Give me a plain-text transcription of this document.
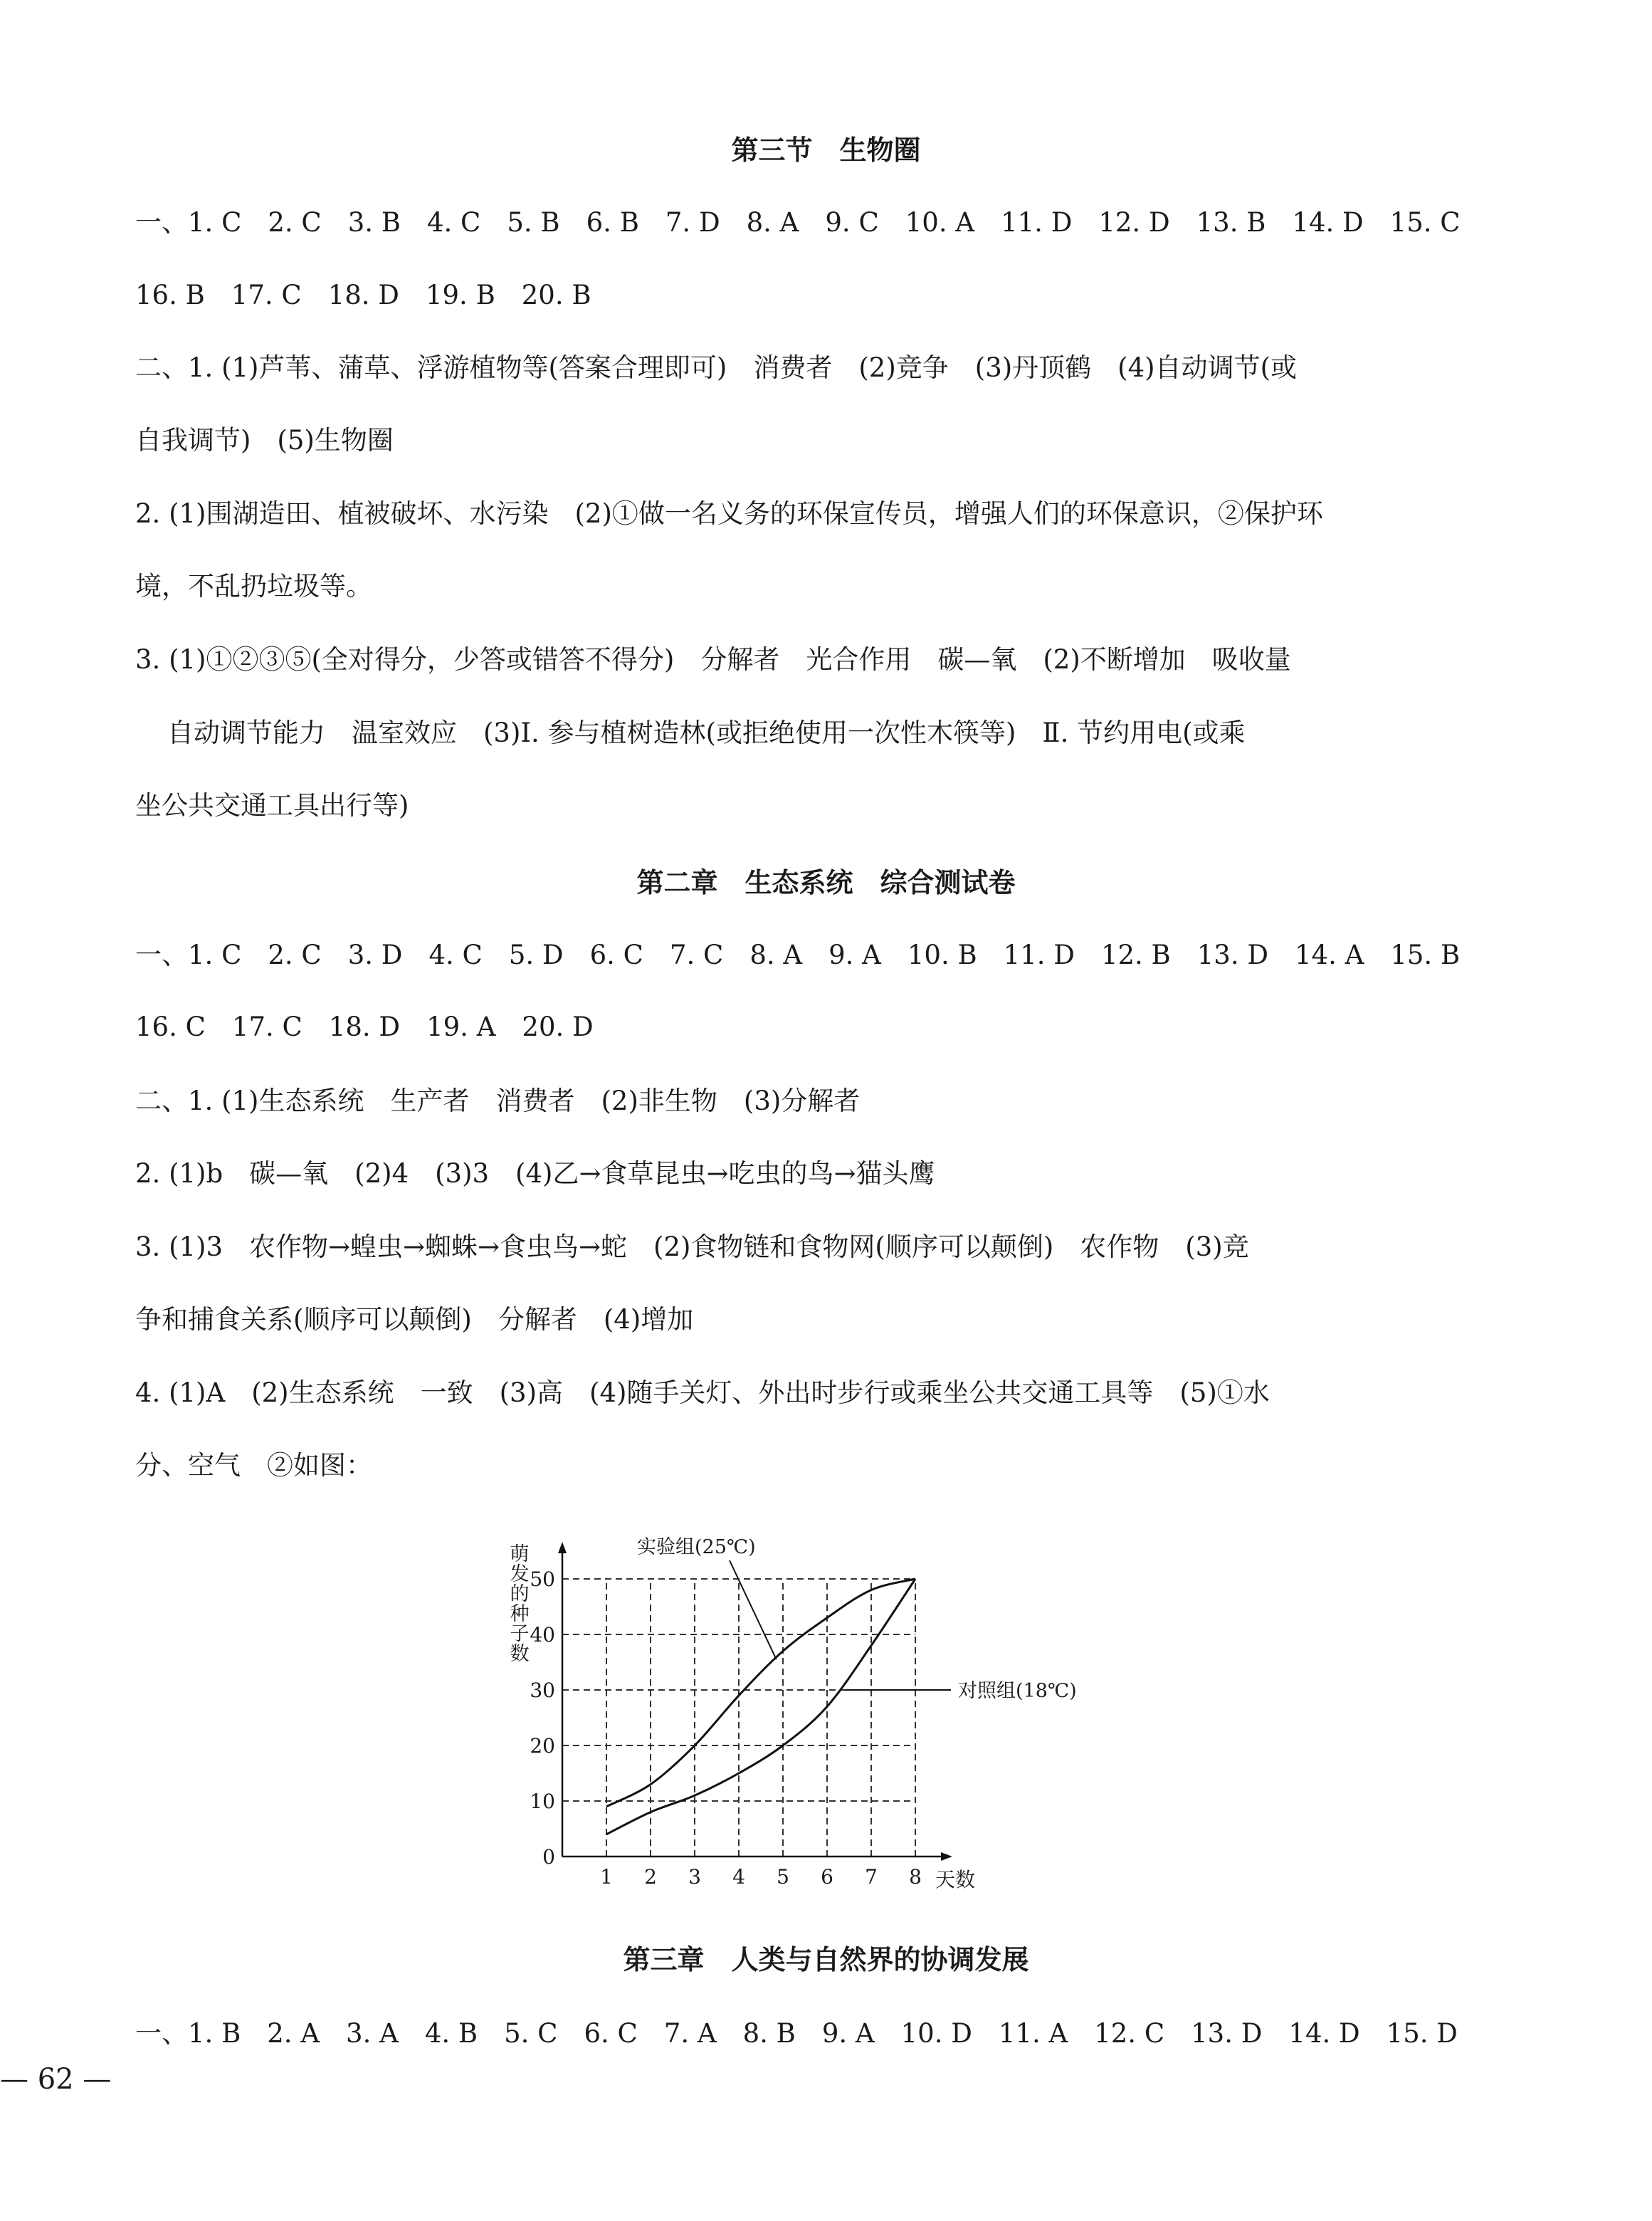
第三节　生物圈
一、1. C　2. C　3. B　4. C　5. B　6. B　7. D　8. A　9. C　10. A　11. D　12. D　13. B　14. D　15. C
16. B　17. C　18. D　19. B　20. B
二、1. (1)芦苇、蒲草、浮游植物等(答案合理即可)　消费者　(2)竞争　(3)丹顶鹤　(4)自动调节(或
自我调节)　(5)生物圈
2. (1)围湖造田、植被破坏、水污染　(2)①做一名义务的环保宣传员，增强人们的环保意识，②保护环
境，不乱扔垃圾等。
3. (1)①②③⑤(全对得分，少答或错答不得分)　分解者　光合作用　碳—氧　(2)不断增加　吸收量
自动调节能力　温室效应　(3)Ⅰ. 参与植树造林(或拒绝使用一次性木筷等)　Ⅱ. 节约用电(或乘
坐公共交通工具出行等)
第二章　生态系统　综合测试卷
一、1. C　2. C　3. D　4. C　5. D　6. C　7. C　8. A　9. A　10. B　11. D　12. B　13. D　14. A　15. B
16. C　17. C　18. D　19. A　20. D
二、1. (1)生态系统　生产者　消费者　(2)非生物　(3)分解者
2. (1)b　碳—氧　(2)4　(3)3　(4)乙→食草昆虫→吃虫的鸟→猫头鹰
3. (1)3　农作物→蝗虫→蜘蛛→食虫鸟→蛇　(2)食物链和食物网(顺序可以颠倒)　农作物　(3)竞
争和捕食关系(顺序可以颠倒)　分解者　(4)增加
4. (1)A　(2)生态系统　一致　(3)高　(4)随手关灯、外出时步行或乘坐公共交通工具等　(5)①水
分、空气　②如图：
1 2 3 4 5 6 7 8
0
10
20
30
40
50
天数
萌
发
的
种
子
数
实验组(25℃)
对照组(18℃)
第三章　人类与自然界的协调发展
一、1. B　2. A　3. A　4. B　5. C　6. C　7. A　8. B　9. A　10. D　11. A　12. C　13. D　14. D　15. D
— 62 —
